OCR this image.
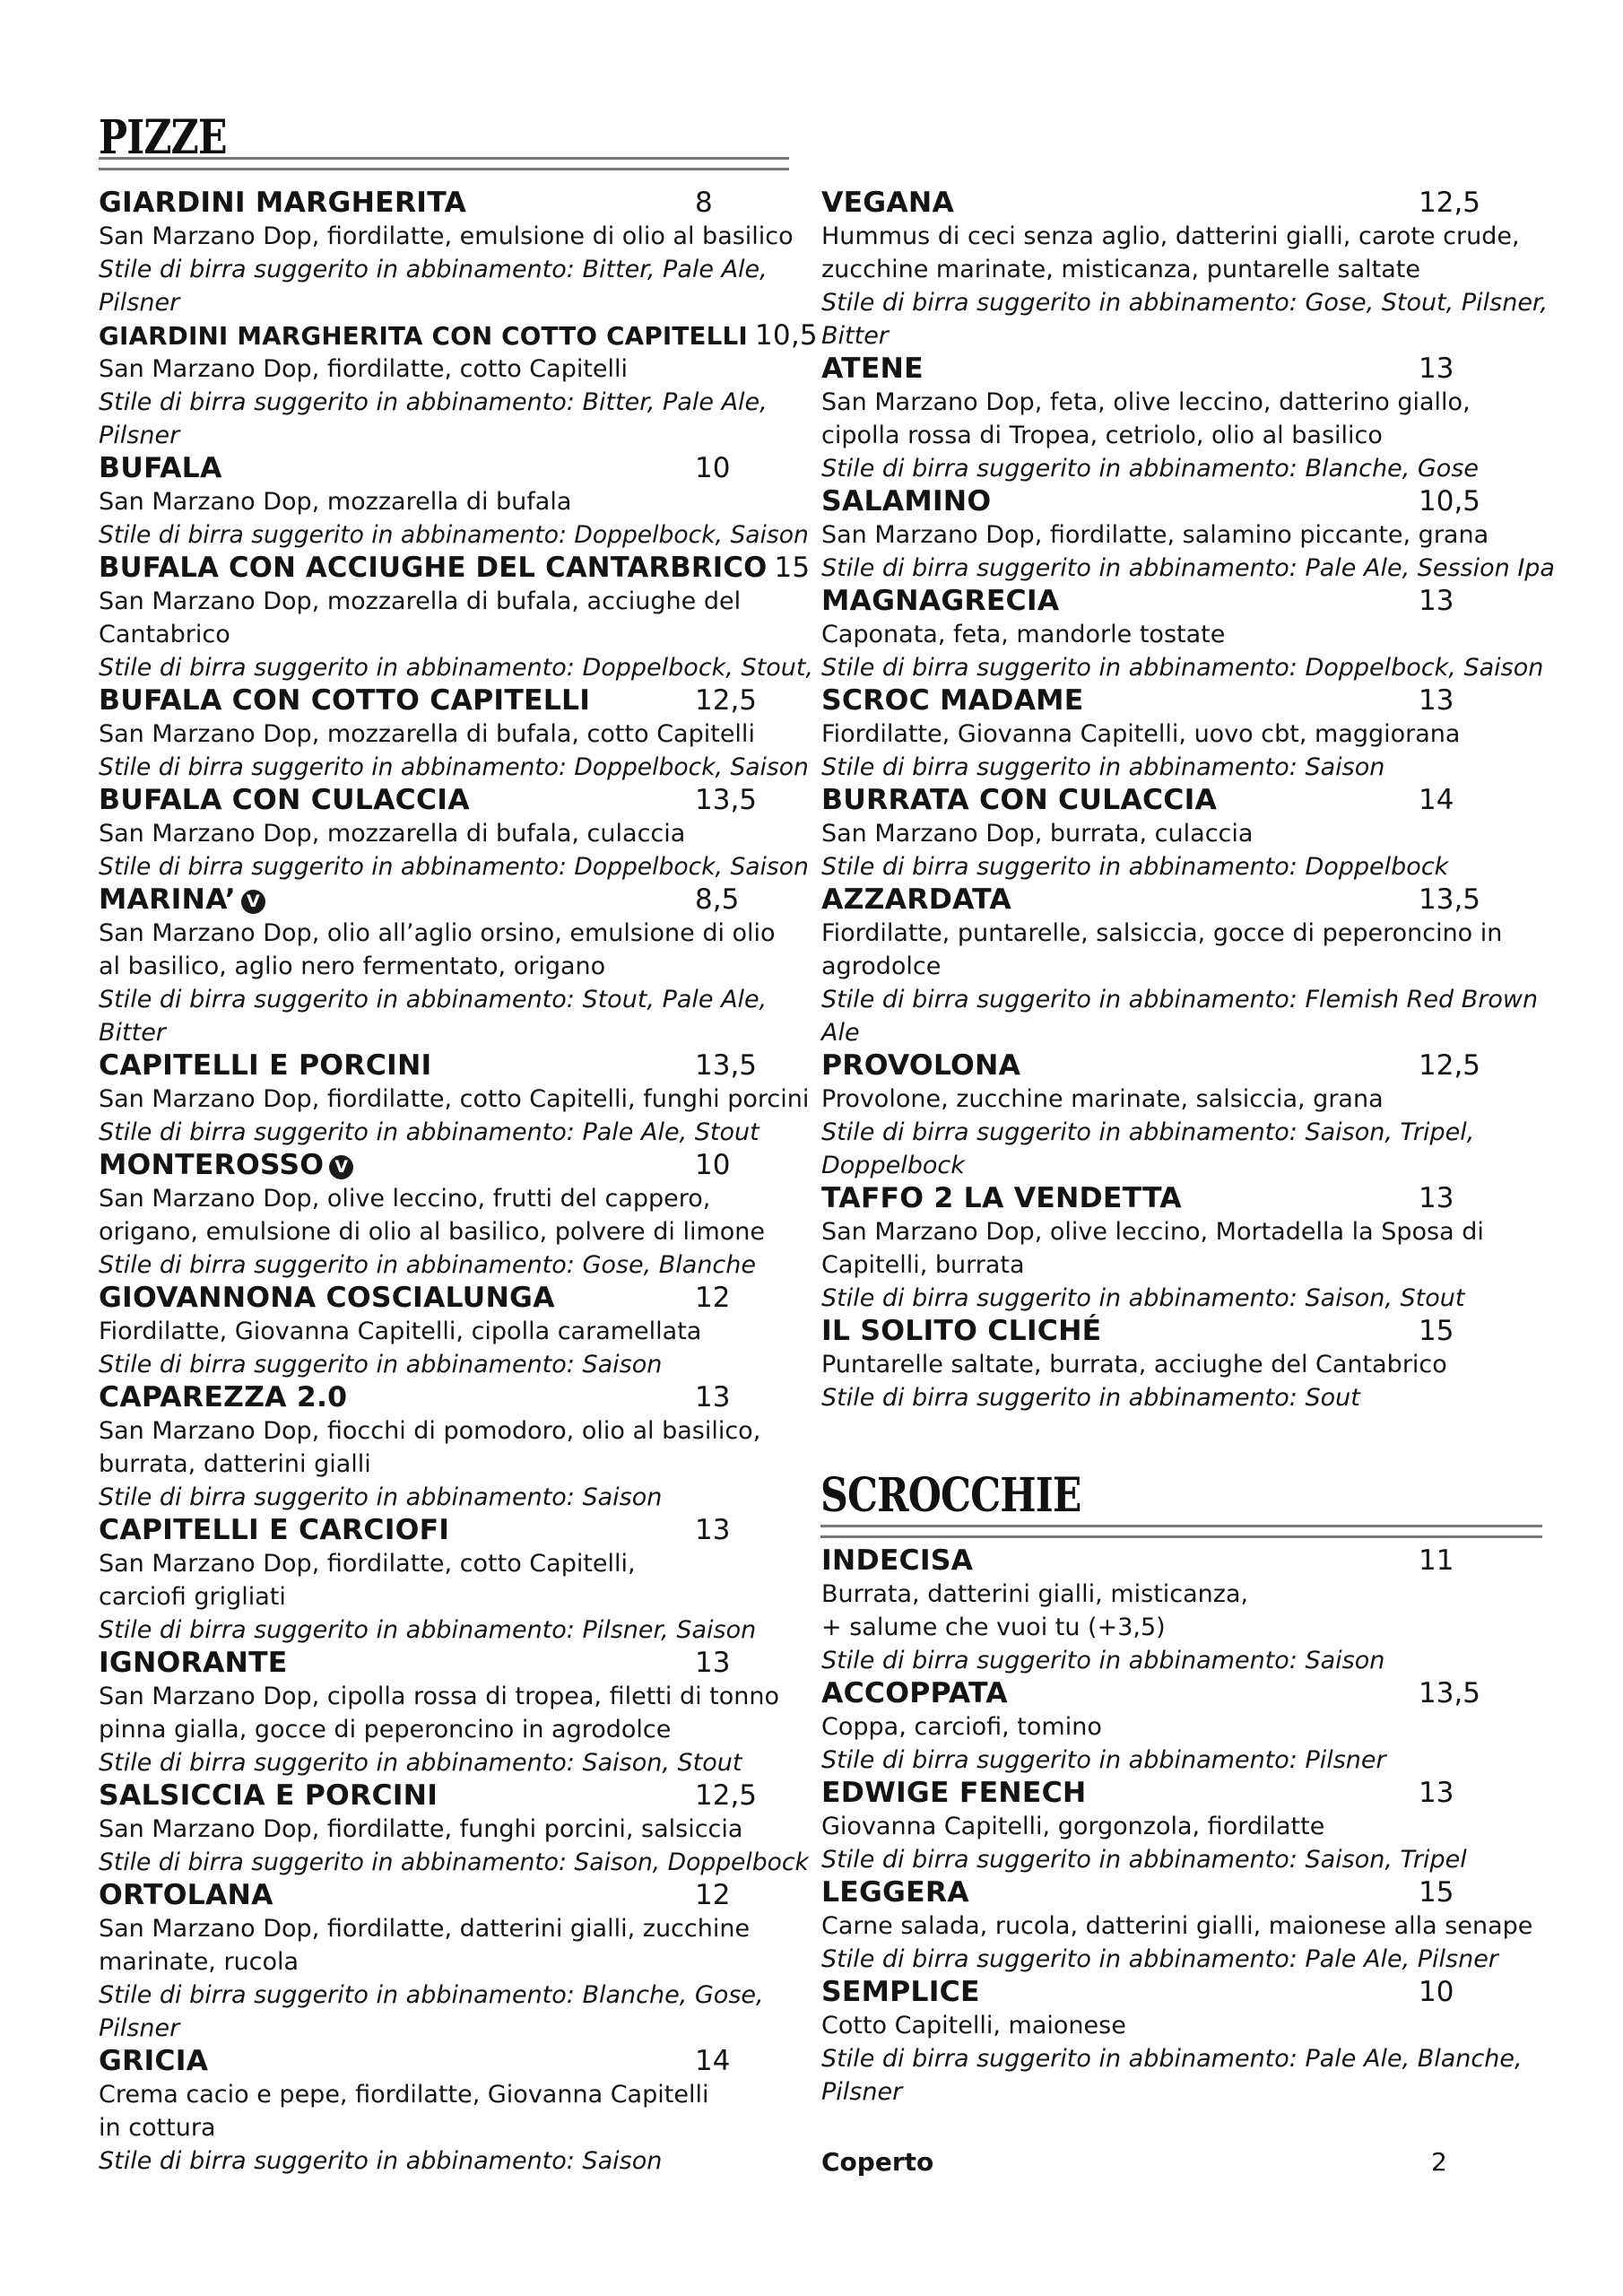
PIZZE
GIARDINI MARGHERITA	8
San Marzano Dop, fiordilatte, emulsione di olio al basilico
Stile di birra suggerito in abbinamento: Bitter, Pale Ale,
Pilsner
GIARDINI MARGHERITA CON COTTO CAPITELLI 10,5
San Marzano Dop, fiordilatte, cotto Capitelli
Stile di birra suggerito in abbinamento: Bitter, Pale Ale,
Pilsner
BUFALA	10
San Marzano Dop, mozzarella di bufala
Stile di birra suggerito in abbinamento: Doppelbock, Saison
BUFALA CON ACCIUGHE DEL CANTARBRICO 15
San Marzano Dop, mozzarella di bufala, acciughe del
Cantabrico
Stile di birra suggerito in abbinamento: Doppelbock, Stout,
BUFALA CON COTTO CAPITELLI	12,5
San Marzano Dop, mozzarella di bufala, cotto Capitelli
Stile di birra suggerito in abbinamento: Doppelbock, Saison
BUFALA CON CULACCIA	13,5
San Marzano Dop, mozzarella di bufala, culaccia
Stile di birra suggerito in abbinamento: Doppelbock, Saison
MARINA’ V	8,5
San Marzano Dop, olio all’aglio orsino, emulsione di olio
al basilico, aglio nero fermentato, origano
Stile di birra suggerito in abbinamento: Stout, Pale Ale,
Bitter
CAPITELLI E PORCINI	13,5
San Marzano Dop, fiordilatte, cotto Capitelli, funghi porcini
Stile di birra suggerito in abbinamento: Pale Ale, Stout
MONTEROSSO V	10
San Marzano Dop, olive leccino, frutti del cappero,
origano, emulsione di olio al basilico, polvere di limone
Stile di birra suggerito in abbinamento: Gose, Blanche
GIOVANNONA COSCIALUNGA	12
Fiordilatte, Giovanna Capitelli, cipolla caramellata
Stile di birra suggerito in abbinamento: Saison
CAPAREZZA 2.0	13
San Marzano Dop, fiocchi di pomodoro, olio al basilico,
burrata, datterini gialli
Stile di birra suggerito in abbinamento: Saison
CAPITELLI E CARCIOFI	13
San Marzano Dop, fiordilatte, cotto Capitelli,
carciofi grigliati
Stile di birra suggerito in abbinamento: Pilsner, Saison
IGNORANTE	13
San Marzano Dop, cipolla rossa di tropea, filetti di tonno
pinna gialla, gocce di peperoncino in agrodolce
Stile di birra suggerito in abbinamento: Saison, Stout
SALSICCIA E PORCINI	12,5
San Marzano Dop, fiordilatte, funghi porcini, salsiccia
Stile di birra suggerito in abbinamento: Saison, Doppelbock
ORTOLANA	12
San Marzano Dop, fiordilatte, datterini gialli, zucchine
marinate, rucola
Stile di birra suggerito in abbinamento: Blanche, Gose,
Pilsner
GRICIA	14
Crema cacio e pepe, fiordilatte, Giovanna Capitelli
in cottura
Stile di birra suggerito in abbinamento: Saison
VEGANA	12,5
Hummus di ceci senza aglio, datterini gialli, carote crude,
zucchine marinate, misticanza, puntarelle saltate
Stile di birra suggerito in abbinamento: Gose, Stout, Pilsner,
Bitter
ATENE	13
San Marzano Dop, feta, olive leccino, datterino giallo,
cipolla rossa di Tropea, cetriolo, olio al basilico
Stile di birra suggerito in abbinamento: Blanche, Gose
SALAMINO	10,5
San Marzano Dop, fiordilatte, salamino piccante, grana
Stile di birra suggerito in abbinamento: Pale Ale, Session Ipa
MAGNAGRECIA	13
Caponata, feta, mandorle tostate
Stile di birra suggerito in abbinamento: Doppelbock, Saison
SCROC MADAME	13
Fiordilatte, Giovanna Capitelli, uovo cbt, maggiorana
Stile di birra suggerito in abbinamento: Saison
BURRATA CON CULACCIA	14
San Marzano Dop, burrata, culaccia
Stile di birra suggerito in abbinamento: Doppelbock
AZZARDATA	13,5
Fiordilatte, puntarelle, salsiccia, gocce di peperoncino in
agrodolce
Stile di birra suggerito in abbinamento: Flemish Red Brown
Ale
PROVOLONA	12,5
Provolone, zucchine marinate, salsiccia, grana
Stile di birra suggerito in abbinamento: Saison, Tripel,
Doppelbock
TAFFO 2 LA VENDETTA	13
San Marzano Dop, olive leccino, Mortadella la Sposa di
Capitelli, burrata
Stile di birra suggerito in abbinamento: Saison, Stout
IL SOLITO CLICHÉ	15
Puntarelle saltate, burrata, acciughe del Cantabrico
Stile di birra suggerito in abbinamento: Sout
SCROCCHIE
INDECISA	11
Burrata, datterini gialli, misticanza,
+ salume che vuoi tu (+3,5)
Stile di birra suggerito in abbinamento: Saison
ACCOPPATA	13,5
Coppa, carciofi, tomino
Stile di birra suggerito in abbinamento: Pilsner
EDWIGE FENECH	13
Giovanna Capitelli, gorgonzola, fiordilatte
Stile di birra suggerito in abbinamento: Saison, Tripel
LEGGERA	15
Carne salada, rucola, datterini gialli, maionese alla senape
Stile di birra suggerito in abbinamento: Pale Ale, Pilsner
SEMPLICE	10
Cotto Capitelli, maionese
Stile di birra suggerito in abbinamento: Pale Ale, Blanche,
Pilsner
Coperto	2
